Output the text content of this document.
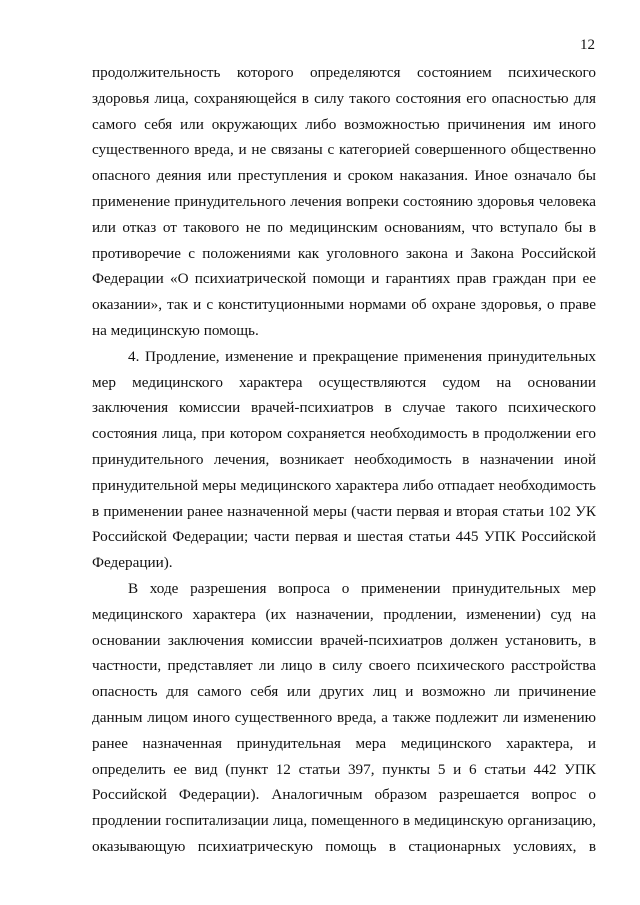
12
продолжительность которого определяются состоянием психического
здоровья лица, сохраняющейся в силу такого состояния его опасностью для
самого себя или окружающих либо возможностью причинения им иного
существенного вреда, и не связаны с категорией совершенного общественно
опасного деяния или преступления и сроком наказания. Иное означало бы
применение принудительного лечения вопреки состоянию здоровья человека
или отказ от такового не по медицинским основаниям, что вступало бы в
противоречие с положениями как уголовного закона и Закона Российской
Федерации «О психиатрической помощи и гарантиях прав граждан при ее
оказании», так и с конституционными нормами об охране здоровья, о праве
на медицинскую помощь.
4. Продление, изменение и прекращение применения принудительных
мер медицинского характера осуществляются судом на основании
заключения комиссии врачей-психиатров в случае такого психического
состояния лица, при котором сохраняется необходимость в продолжении его
принудительного лечения, возникает необходимость в назначении иной
принудительной меры медицинского характера либо отпадает необходимость
в применении ранее назначенной меры (части первая и вторая статьи 102 УК
Российской Федерации; части первая и шестая статьи 445 УПК Российской
Федерации).
В ходе разрешения вопроса о применении принудительных мер
медицинского характера (их назначении, продлении, изменении) суд на
основании заключения комиссии врачей-психиатров должен установить, в
частности, представляет ли лицо в силу своего психического расстройства
опасность для самого себя или других лиц и возможно ли причинение
данным лицом иного существенного вреда, а также подлежит ли изменению
ранее назначенная принудительная мера медицинского характера, и
определить ее вид (пункт 12 статьи 397, пункты 5 и 6 статьи 442 УПК
Российской Федерации). Аналогичным образом разрешается вопрос о
продлении госпитализации лица, помещенного в медицинскую организацию,
оказывающую психиатрическую помощь в стационарных условиях, в
